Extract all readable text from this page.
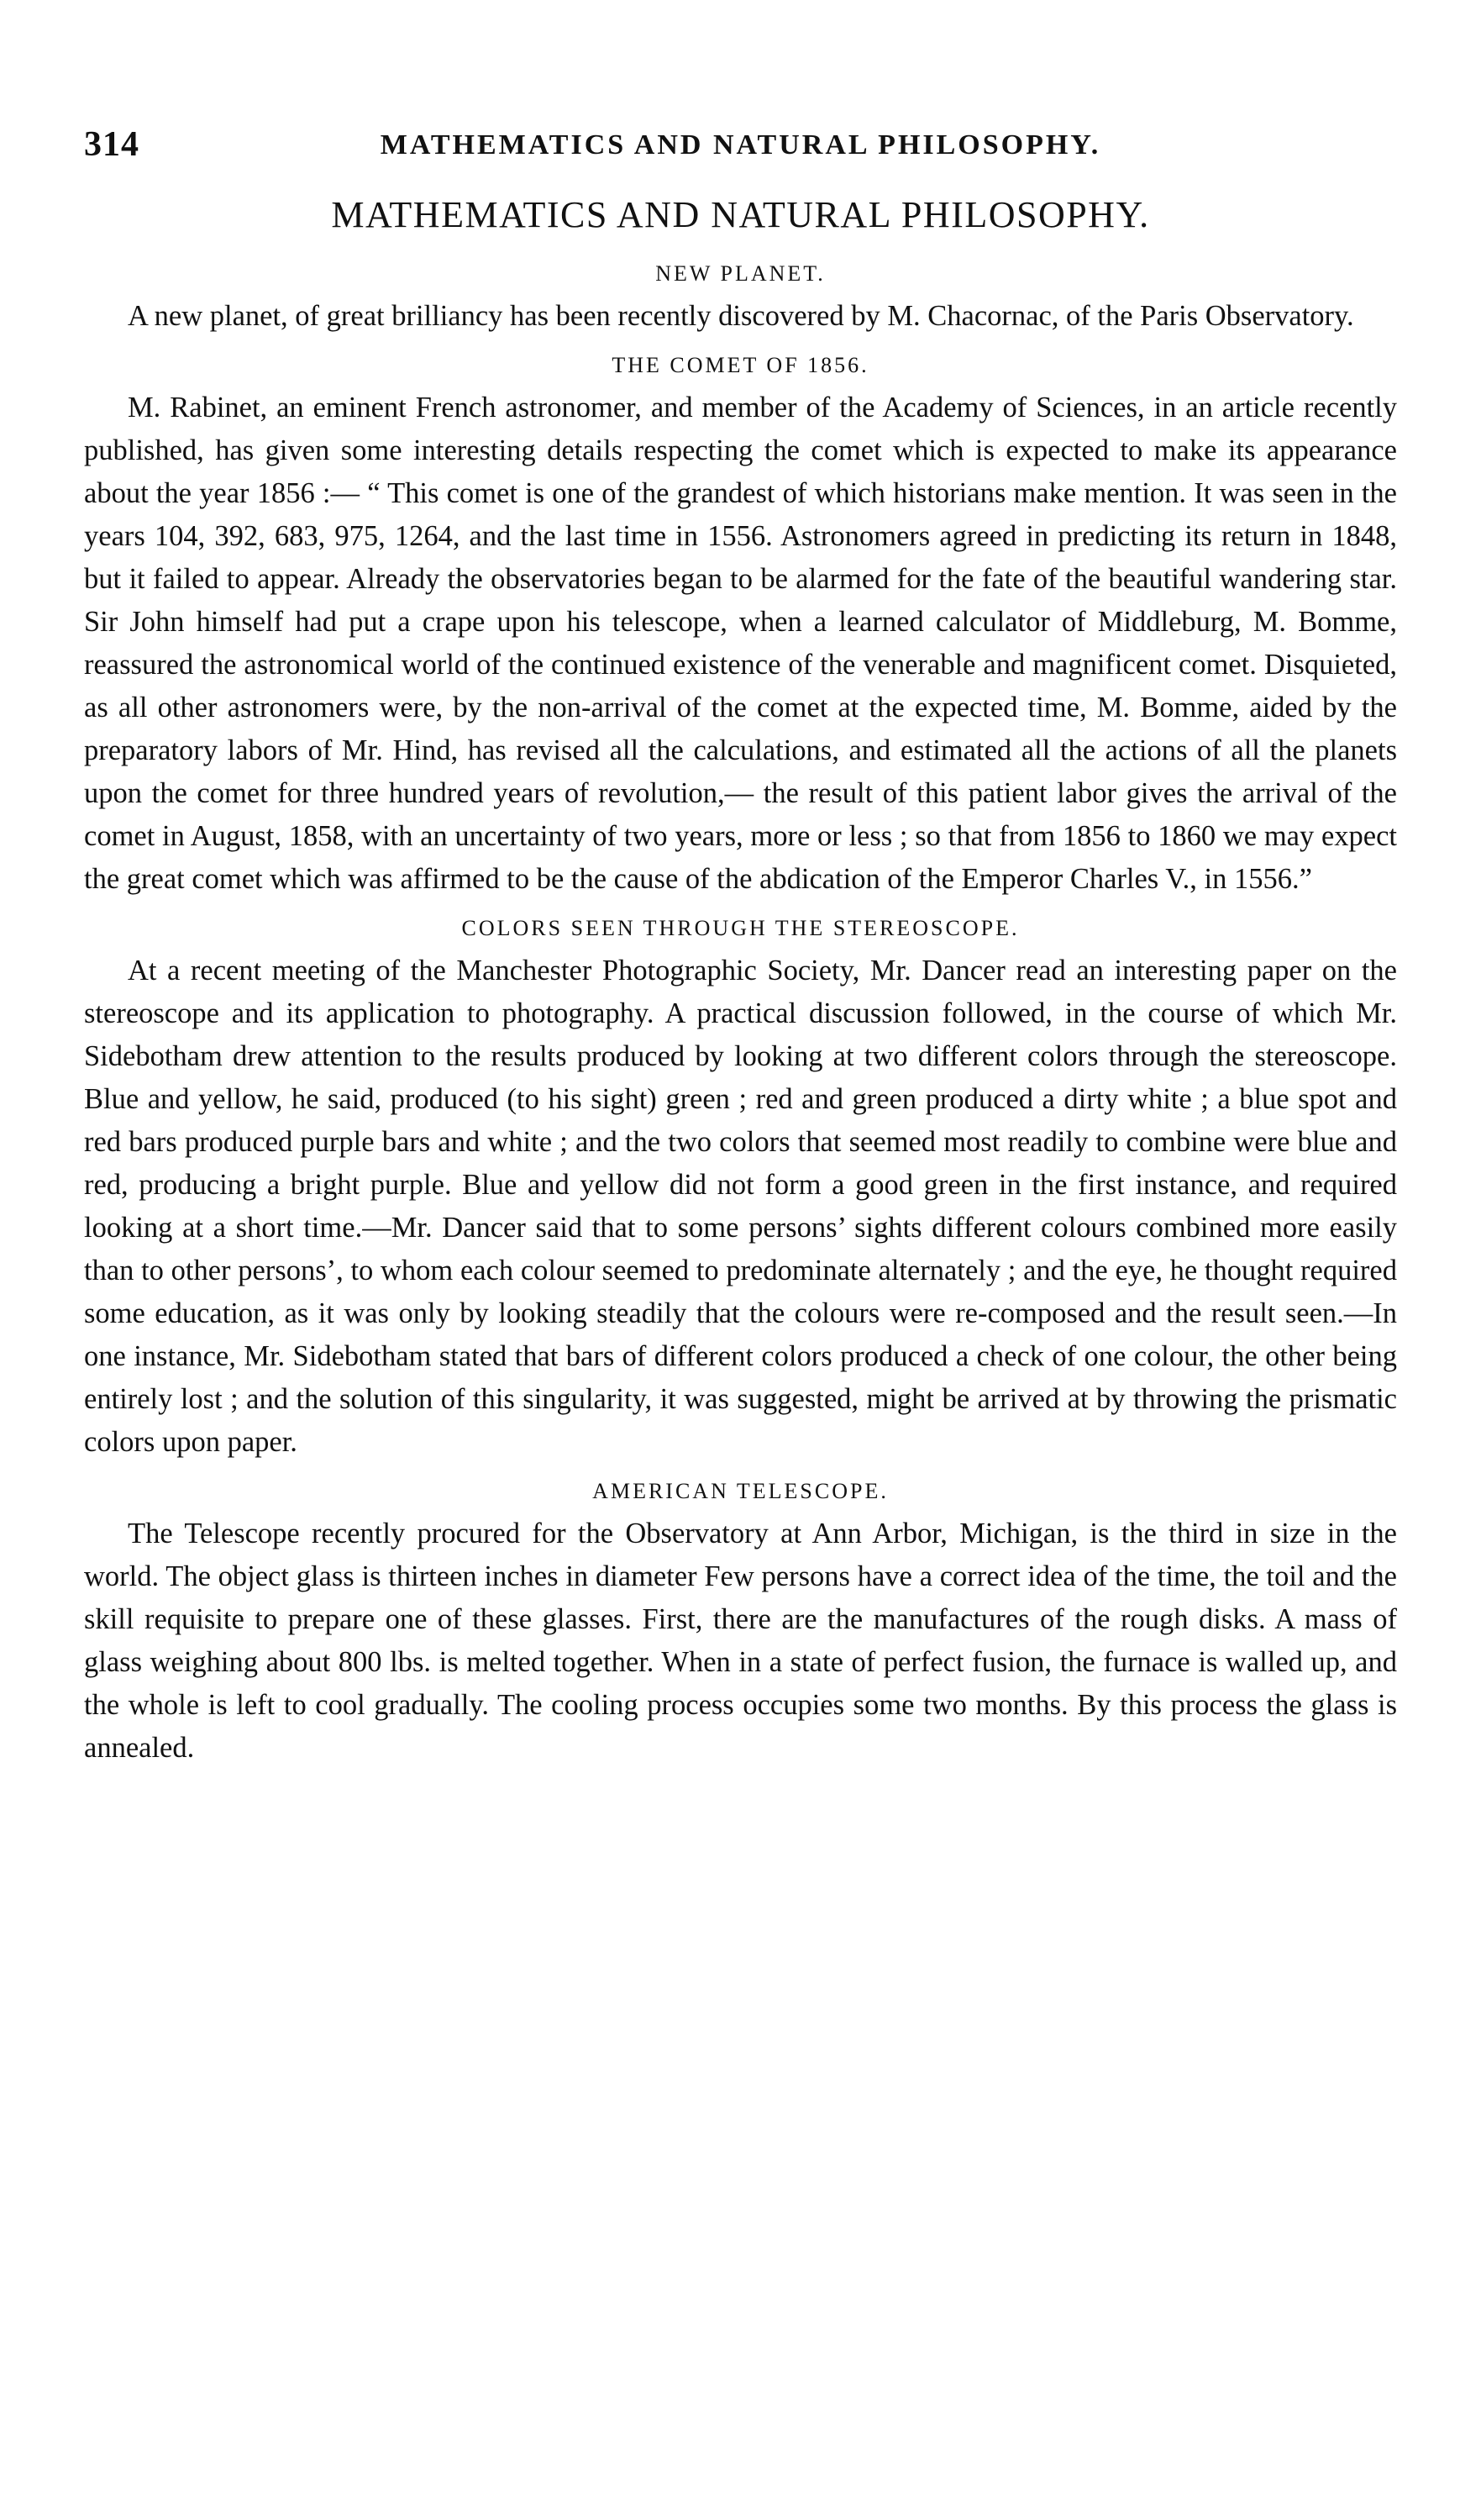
314	MATHEMATICS AND NATURAL PHILOSOPHY.
MATHEMATICS AND NATURAL PHILOSOPHY.
NEW PLANET.

A new planet, of great brilliancy has been recently discovered by M. Chacornac, of the Paris Observatory.

THE COMET OF 1856.

M. Rabinet, an eminent French astronomer, and member of the Academy of Sciences, in an article recently published, has given some interesting details respecting the comet which is expected to make its appearance about the year 1856 :— “ This comet is one of the grandest of which historians make mention. It was seen in the years 104, 392, 683, 975, 1264, and the last time in 1556. Astronomers agreed in predicting its return in 1848, but it failed to appear. Already the observatories began to be alarmed for the fate of the beautiful wandering star. Sir John himself had put a crape upon his telescope, when a learned calculator of Middleburg, M. Bomme, reassured the astronomical world of the continued existence of the venerable and magnificent comet. Disquieted, as all other astronomers were, by the non-arrival of the comet at the expected time, M. Bomme, aided by the preparatory labors of Mr. Hind, has revised all the calculations, and estimated all the actions of all the planets upon the comet for three hundred years of revolution,— the result of this patient labor gives the arrival of the comet in August, 1858, with an uncertainty of two years, more or less ; so that from 1856 to 1860 we may expect the great comet which was affirmed to be the cause of the abdication of the Emperor Charles V., in 1556.”

COLORS SEEN THROUGH THE STEREOSCOPE.

At a recent meeting of the Manchester Photographic Society, Mr. Dancer read an interesting paper on the stereoscope and its application to photography. A practical discussion followed, in the course of which Mr. Sidebotham drew attention to the results produced by looking at two different colors through the stereoscope. Blue and yellow, he said, produced (to his sight) green ; red and green produced a dirty white ; a blue spot and red bars produced purple bars and white ; and the two colors that seemed most readily to combine were blue and red, producing a bright purple. Blue and yellow did not form a good green in the first instance, and required looking at a short time.—Mr. Dancer said that to some persons’ sights different colours combined more easily than to other persons’, to whom each colour seemed to predominate alternately ; and the eye, he thought required some education, as it was only by looking steadily that the colours were re-composed and the result seen.—In one instance, Mr. Sidebotham stated that bars of different colors produced a check of one colour, the other being entirely lost ; and the solution of this singularity, it was suggested, might be arrived at by throwing the prismatic colors upon paper.

AMERICAN TELESCOPE.

The Telescope recently procured for the Observatory at Ann Arbor, Michigan, is the third in size in the world. The object glass is thirteen inches in diameter Few persons have a correct idea of the time, the toil and the skill requisite to prepare one of these glasses. First, there are the manufactures of the rough disks. A mass of glass weighing about 800 lbs. is melted together. When in a state of perfect fusion, the furnace is walled up, and the whole is left to cool gradually. The cooling process occupies some two months. By this process the glass is annealed.
